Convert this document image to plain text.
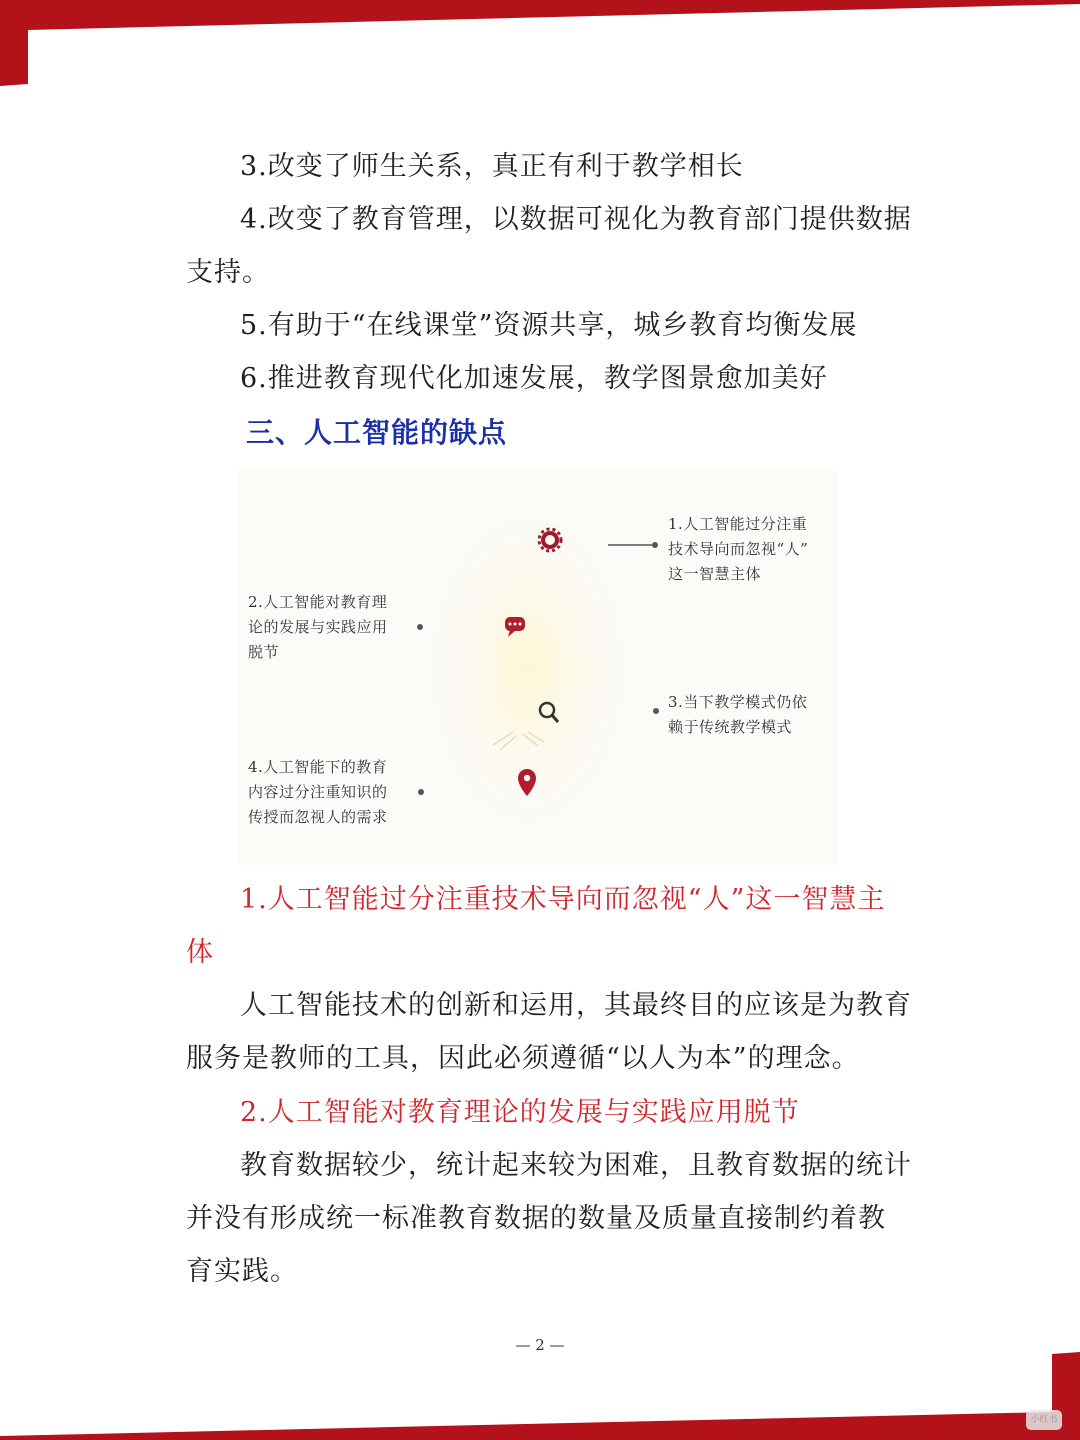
3.改变了师生关系，真正有利于教学相长
4.改变了教育管理，以数据可视化为教育部门提供数据
支持。
5.有助于“在线课堂”资源共享，城乡教育均衡发展
6.推进教育现代化加速发展，教学图景愈加美好
三、人工智能的缺点
1.人工智能过分注重
技术导向而忽视“人”
这一智慧主体
2.人工智能对教育理
论的发展与实践应用
脱节
3.当下教学模式仍依
赖于传统教学模式
4.人工智能下的教育
内容过分注重知识的
传授而忽视人的需求
1.人工智能过分注重技术导向而忽视“人”这一智慧主
体
人工智能技术的创新和运用，其最终目的应该是为教育
服务是教师的工具，因此必须遵循“以人为本”的理念。
2.人工智能对教育理论的发展与实践应用脱节
教育数据较少，统计起来较为困难，且教育数据的统计
并没有形成统一标准教育数据的数量及质量直接制约着教
育实践。
— 2 —
小红书
